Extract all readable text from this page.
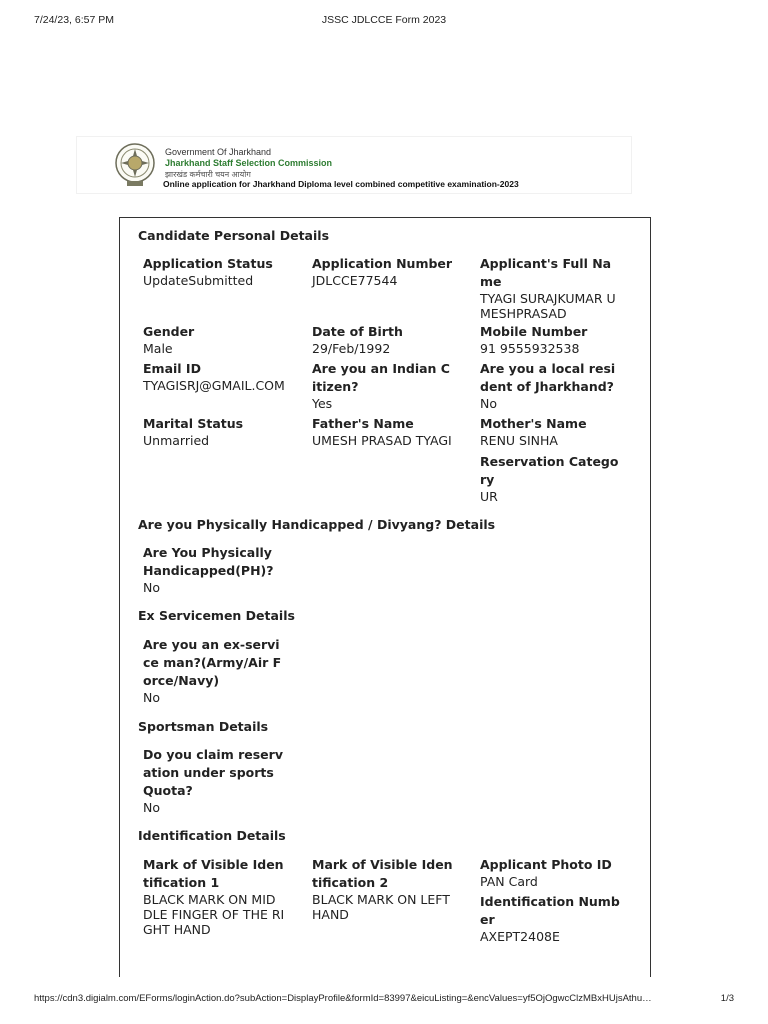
7/24/23, 6:57 PM	JSSC JDLCCE Form 2023
Government Of Jharkhand
Jharkhand Staff Selection Commission
झारखंड कर्मचारी चयन आयोग
Online application for Jharkhand Diploma level combined competitive examination-2023
Candidate Personal Details
Application Status
UpdateSubmitted
Application Number
JDLCCE77544
Applicant's Full Name
TYAGI SURAJKUMAR UMESHPRASAD
Gender
Male
Date of Birth
29/Feb/1992
Mobile Number
91 9555932538
Email ID
TYAGISRJ@GMAIL.COM
Are you an Indian Citizen?
Yes
Are you a local resident of Jharkhand?
No
Marital Status
Unmarried
Father's Name
UMESH PRASAD TYAGI
Mother's Name
RENU SINHA
Reservation Category
UR
Are you Physically Handicapped / Divyang? Details
Are You Physically Handicapped(PH)?
No
Ex Servicemen Details
Are you an ex-service man?(Army/Air Force/Navy)
No
Sportsman Details
Do you claim reservation under sports Quota?
No
Identification Details
Mark of Visible Identification 1
BLACK MARK ON MIDDLE FINGER OF THE RIGHT HAND
Mark of Visible Identification 2
BLACK MARK ON LEFT HAND
Applicant Photo ID
PAN Card
Identification Number
AXEPT2408E
https://cdn3.digialm.com/EForms/loginAction.do?subAction=DisplayProfile&formId=83997&eicuListing=&encValues=yf5OjOgwcClzMBxHUjsAthu…	1/3
